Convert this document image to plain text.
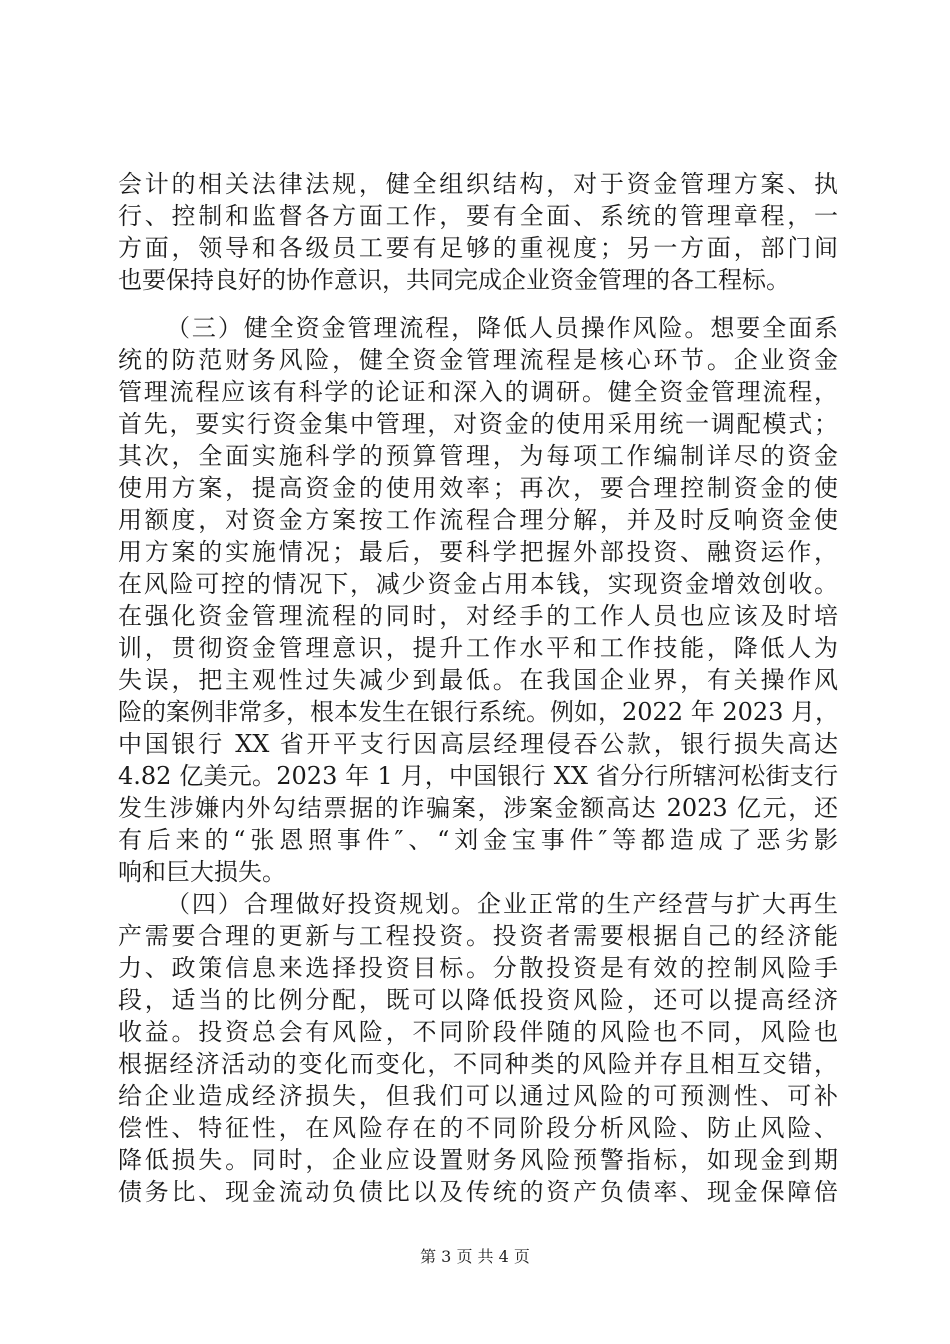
会计的相关法律法规，健全组织结构，对于资金管理方案、执
行、控制和监督各方面工作，要有全面、系统的管理章程，一
方面，领导和各级员工要有足够的重视度；另一方面，部门间
也要保持良好的协作意识，共同完成企业资金管理的各工程标。
（三）健全资金管理流程，降低人员操作风险。想要全面系
统的防范财务风险，健全资金管理流程是核心环节。企业资金
管理流程应该有科学的论证和深入的调研。健全资金管理流程，
首先，要实行资金集中管理，对资金的使用采用统一调配模式；
其次，全面实施科学的预算管理，为每项工作编制详尽的资金
使用方案，提高资金的使用效率；再次，要合理控制资金的使
用额度，对资金方案按工作流程合理分解，并及时反响资金使
用方案的实施情况；最后，要科学把握外部投资、融资运作，
在风险可控的情况下，减少资金占用本钱，实现资金增效创收。
在强化资金管理流程的同时，对经手的工作人员也应该及时培
训，贯彻资金管理意识，提升工作水平和工作技能，降低人为
失误，把主观性过失减少到最低。在我国企业界，有关操作风
险的案例非常多，根本发生在银行系统。例如，2022 年 2023 月，
中国银行 XX 省开平支行因高层经理侵吞公款，银行损失高达
4.82 亿美元。2023 年 1 月，中国银行 XX 省分行所辖河松街支行
发生涉嫌内外勾结票据的诈骗案，涉案金额高达 2023 亿元，还
有后来的“张恩照事件″、“刘金宝事件″等都造成了恶劣影
响和巨大损失。
（四）合理做好投资规划。企业正常的生产经营与扩大再生
产需要合理的更新与工程投资。投资者需要根据自己的经济能
力、政策信息来选择投资目标。分散投资是有效的控制风险手
段，适当的比例分配，既可以降低投资风险，还可以提高经济
收益。投资总会有风险，不同阶段伴随的风险也不同，风险也
根据经济活动的变化而变化，不同种类的风险并存且相互交错，
给企业造成经济损失，但我们可以通过风险的可预测性、可补
偿性、特征性，在风险存在的不同阶段分析风险、防止风险、
降低损失。同时，企业应设置财务风险预警指标，如现金到期
债务比、现金流动负债比以及传统的资产负债率、现金保障倍
第 3 页 共 4 页
